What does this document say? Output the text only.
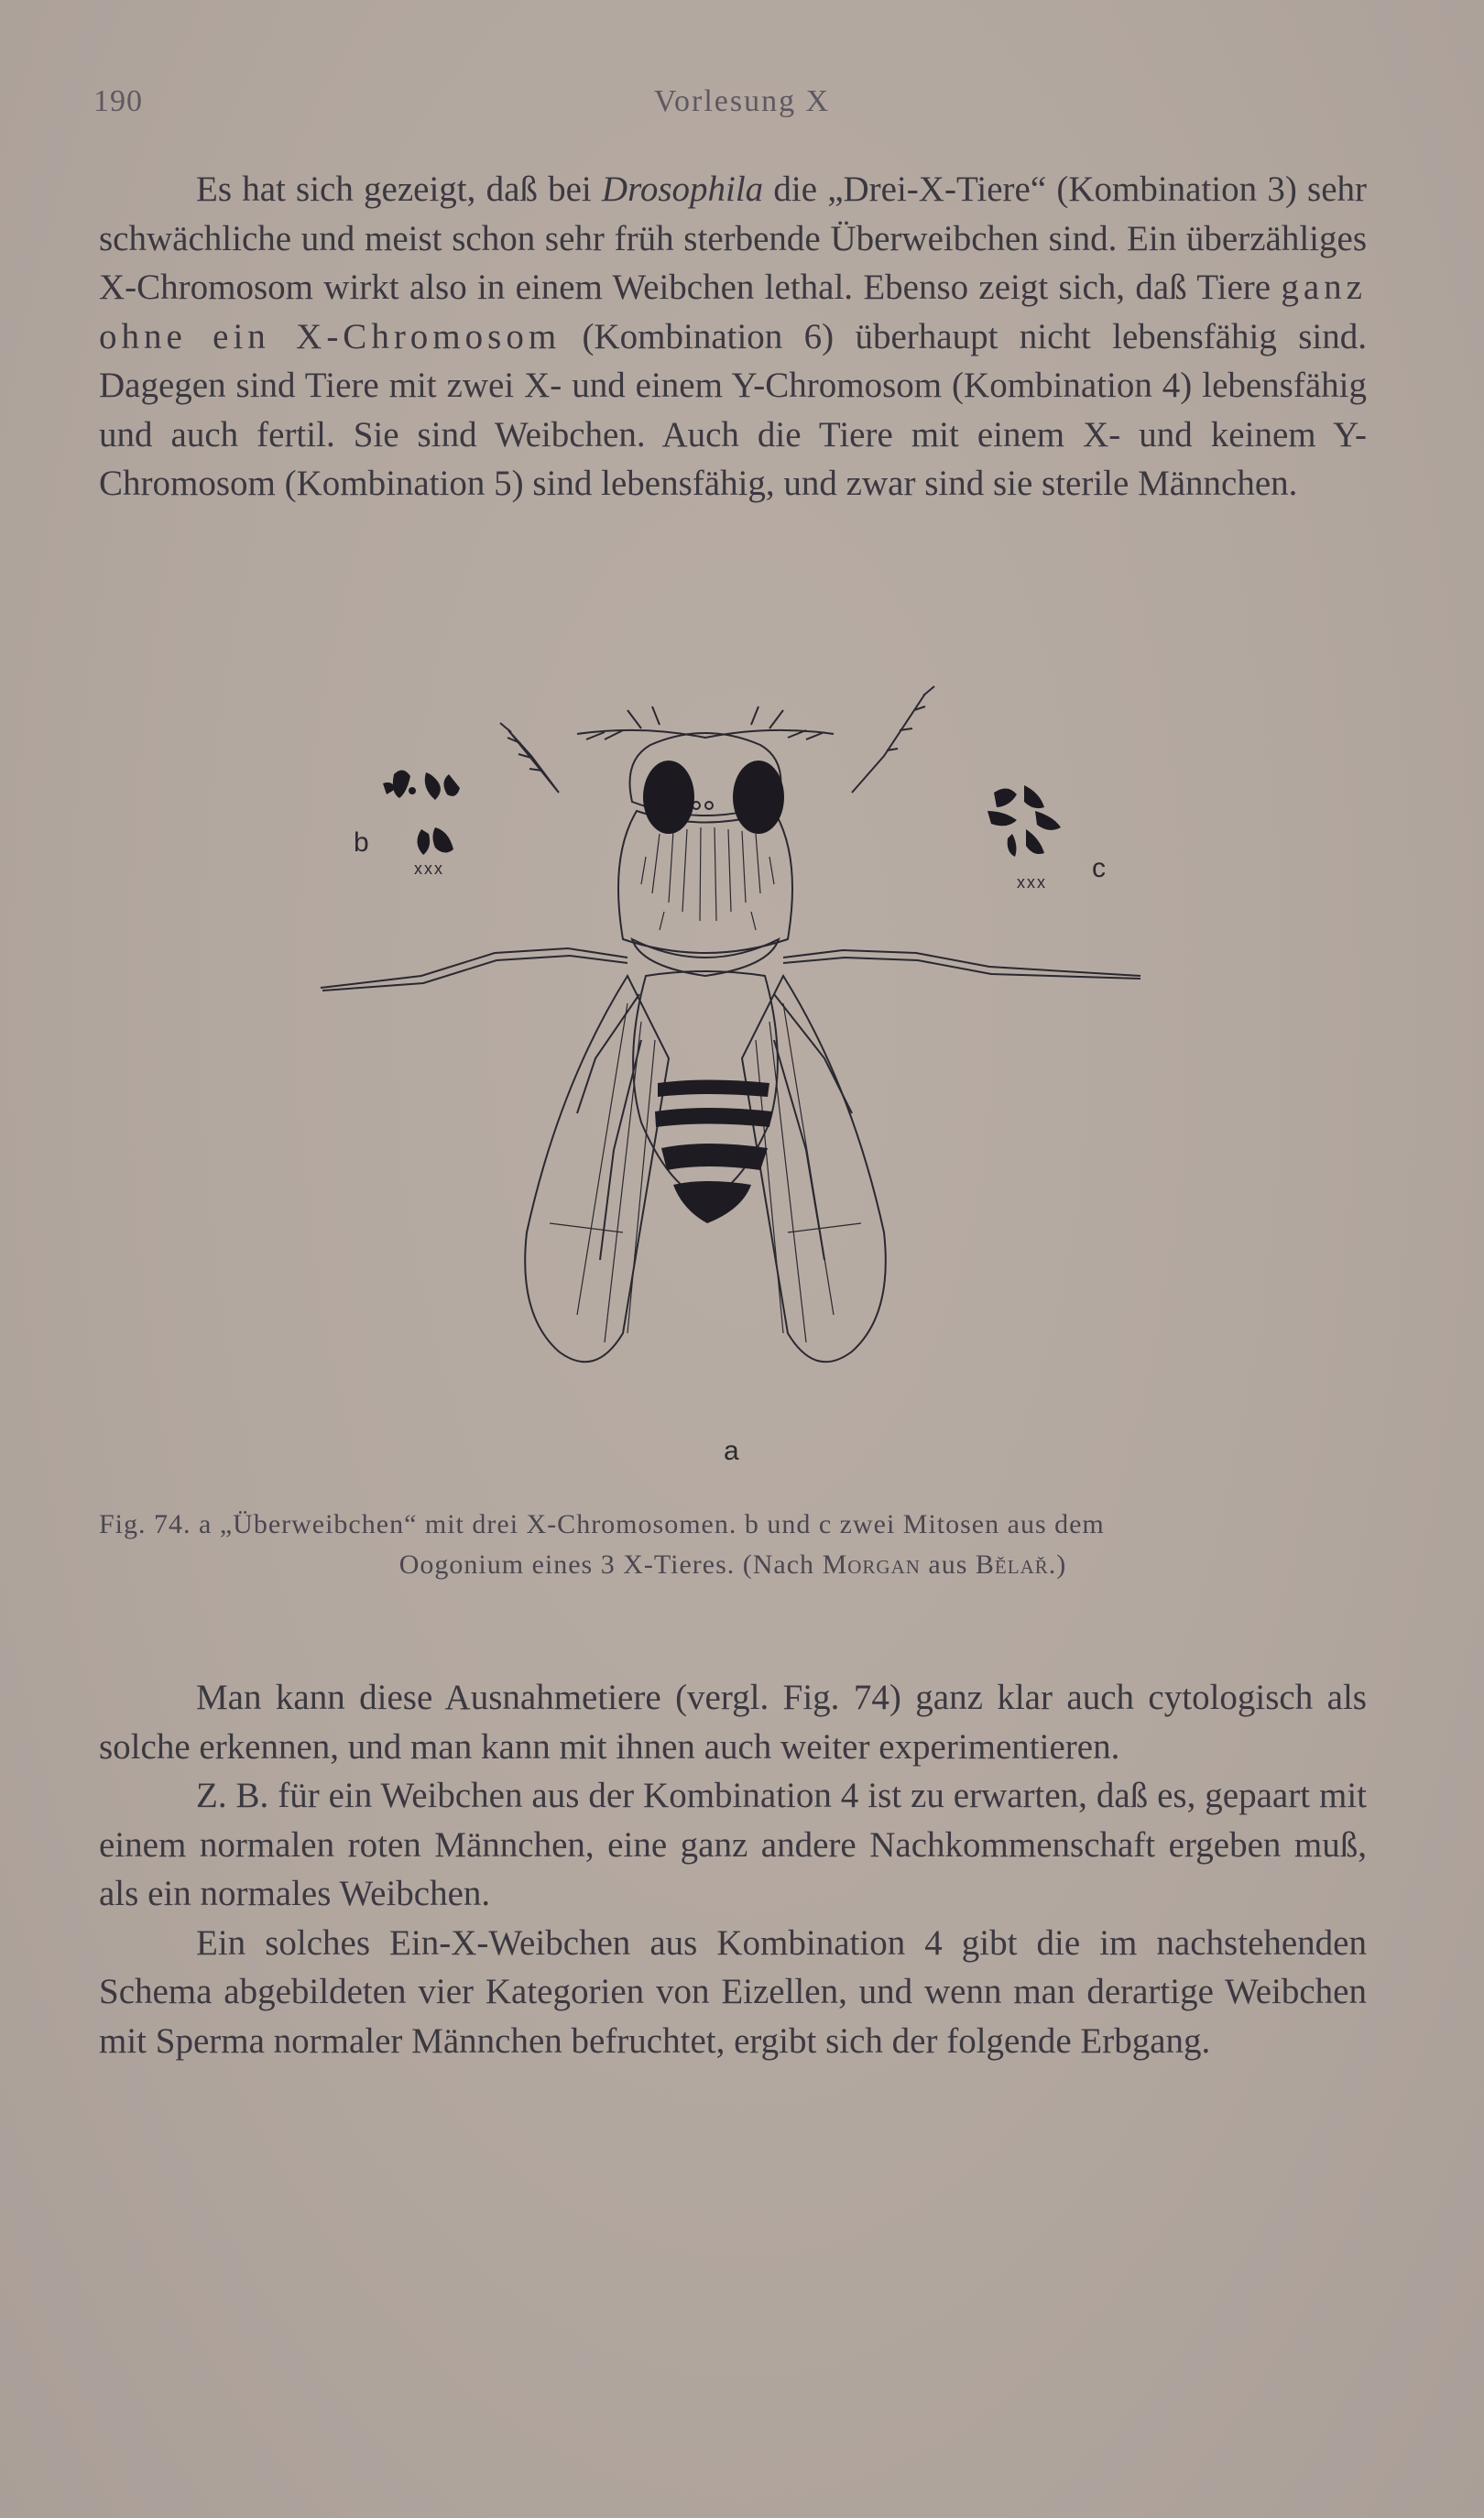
190	Vorlesung X

Es hat sich gezeigt, daß bei Drosophila die „Drei-X-Tiere“ (Kombination 3) sehr schwächliche und meist schon sehr früh sterbende Überweibchen sind. Ein überzähliges X-Chromosom wirkt also in einem Weibchen lethal. Ebenso zeigt sich, daß Tiere ganz ohne ein X-Chromosom (Kombination 6) überhaupt nicht lebensfähig sind. Dagegen sind Tiere mit zwei X- und einem Y-Chromosom (Kombination 4) lebensfähig und auch fertil. Sie sind Weibchen. Auch die Tiere mit einem X- und keinem Y-Chromosom (Kombination 5) sind lebensfähig, und zwar sind sie sterile Männchen.

b
xxx	c
xxx
a
Fig. 74. a „Überweibchen“ mit drei X-Chromosomen. b und c zwei Mitosen aus dem
Oogonium eines 3 X-Tieres. (Nach Morgan aus Bělař.)

Man kann diese Ausnahmetiere (vergl. Fig. 74) ganz klar auch cytologisch als solche erkennen, und man kann mit ihnen auch weiter experimentieren.

Z. B. für ein Weibchen aus der Kombination 4 ist zu erwarten, daß es, gepaart mit einem normalen roten Männchen, eine ganz andere Nachkommenschaft ergeben muß, als ein normales Weibchen.

Ein solches Ein-X-Weibchen aus Kombination 4 gibt die im nachstehenden Schema abgebildeten vier Kategorien von Eizellen, und wenn man derartige Weibchen mit Sperma normaler Männchen befruchtet, ergibt sich der folgende Erbgang.
